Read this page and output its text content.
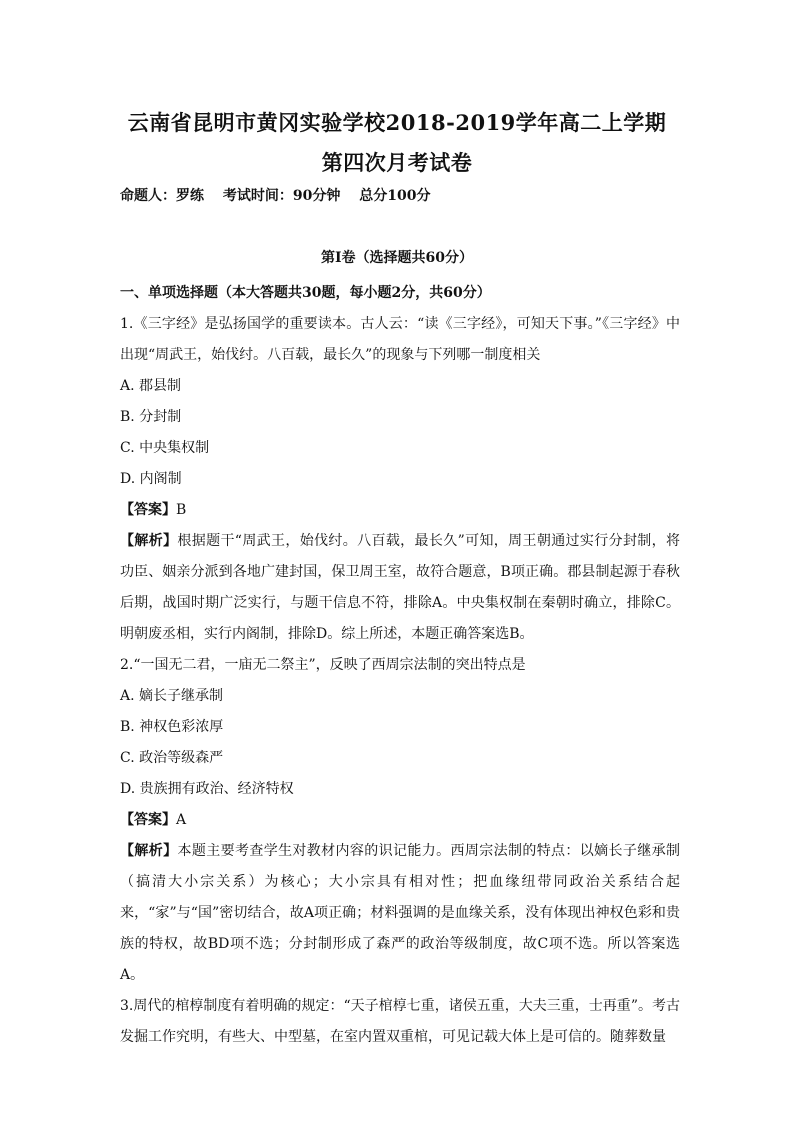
云南省昆明市黄冈实验学校2018-2019学年高二上学期
第四次月考试卷
命题人：罗练 考试时间：90分钟 总分100分
第I卷（选择题共60分）

一、单项选择题（本大答题共30题，每小题2分，共60分）

1.《三字经》是弘扬国学的重要读本。古人云：“读《三字经》，可知天下事。”《三字经》中出现“周武王，始伐纣。八百载，最长久”的现象与下列哪一制度相关

A. 郡县制

B. 分封制

C. 中央集权制

D. 内阁制

【答案】B

【解析】根据题干“周武王，始伐纣。八百载，最长久”可知，周王朝通过实行分封制，将功臣、姻亲分派到各地广建封国，保卫周王室，故符合题意，B项正确。郡县制起源于春秋后期，战国时期广泛实行，与题干信息不符，排除A。中央集权制在秦朝时确立，排除C。明朝废丞相，实行内阁制，排除D。综上所述，本题正确答案选B。

2.“一国无二君，一庙无二祭主”，反映了西周宗法制的突出特点是

A. 嫡长子继承制

B. 神权色彩浓厚

C. 政治等级森严

D. 贵族拥有政治、经济特权

【答案】A

【解析】本题主要考查学生对教材内容的识记能力。西周宗法制的特点：以嫡长子继承制（搞清大小宗关系）为核心；大小宗具有相对性；把血缘纽带同政治关系结合起来，“家”与“国”密切结合，故A项正确；材料强调的是血缘关系，没有体现出神权色彩和贵族的特权，故BD项不选；分封制形成了森严的政治等级制度，故C项不选。所以答案选A。

3.周代的棺椁制度有着明确的规定：“天子棺椁七重，诸侯五重，大夫三重，士再重”。考古发掘工作究明，有些大、中型墓，在室内置双重棺，可见记载大体上是可信的。随葬数量
